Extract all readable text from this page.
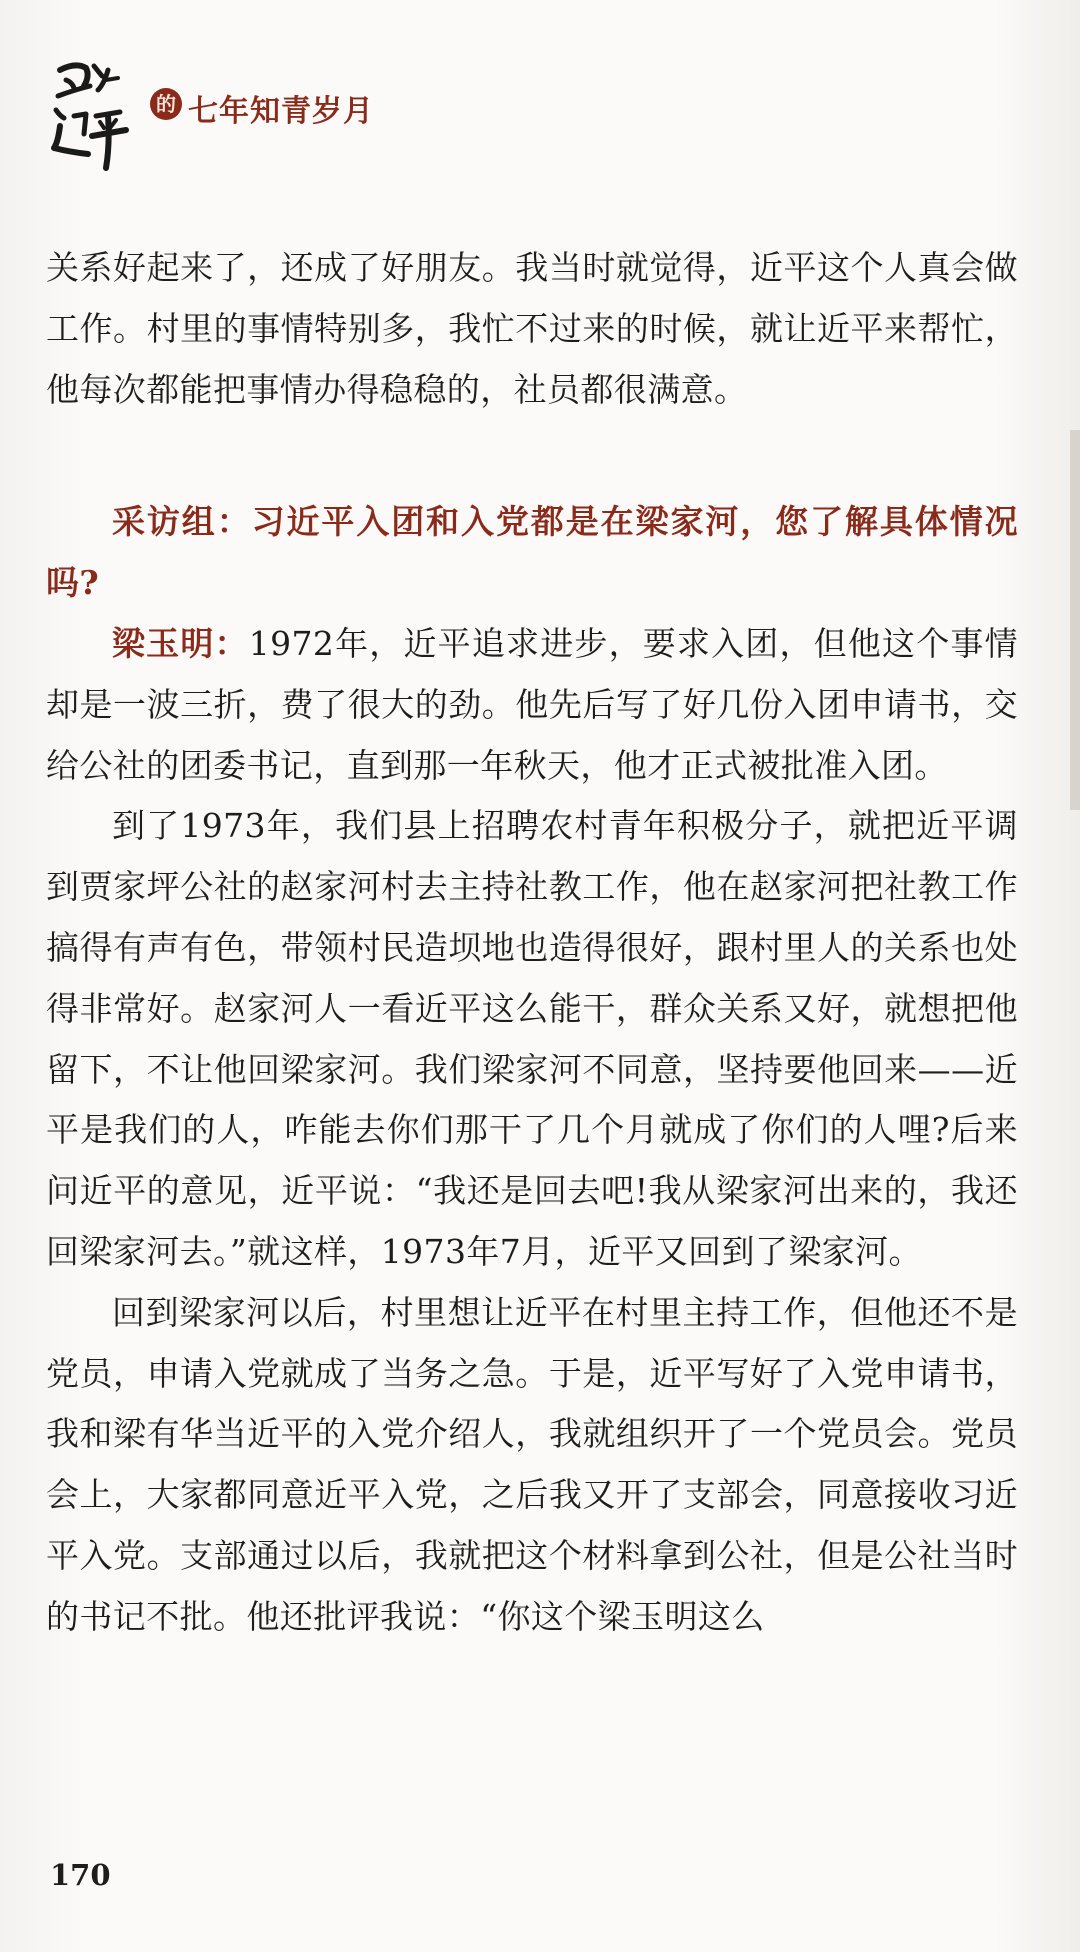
的 七年知青岁月

关系好起来了，还成了好朋友。我当时就觉得，近平这个人真会做工作。村里的事情特别多，我忙不过来的时候，就让近平来帮忙，他每次都能把事情办得稳稳的，社员都很满意。

采访组：习近平入团和入党都是在梁家河，您了解具体情况吗?

梁玉明：1972年，近平追求进步，要求入团，但他这个事情却是一波三折，费了很大的劲。他先后写了好几份入团申请书，交给公社的团委书记，直到那一年秋天，他才正式被批准入团。

到了1973年，我们县上招聘农村青年积极分子，就把近平调到贾家坪公社的赵家河村去主持社教工作，他在赵家河把社教工作搞得有声有色，带领村民造坝地也造得很好，跟村里人的关系也处得非常好。赵家河人一看近平这么能干，群众关系又好，就想把他留下，不让他回梁家河。我们梁家河不同意，坚持要他回来——近平是我们的人，咋能去你们那干了几个月就成了你们的人哩?后来问近平的意见，近平说：“我还是回去吧!我从梁家河出来的，我还回梁家河去。”就这样，1973年7月，近平又回到了梁家河。

回到梁家河以后，村里想让近平在村里主持工作，但他还不是党员，申请入党就成了当务之急。于是，近平写好了入党申请书，我和梁有华当近平的入党介绍人，我就组织开了一个党员会。党员会上，大家都同意近平入党，之后我又开了支部会，同意接收习近平入党。支部通过以后，我就把这个材料拿到公社，但是公社当时的书记不批。他还批评我说：“你这个梁玉明这么

170
